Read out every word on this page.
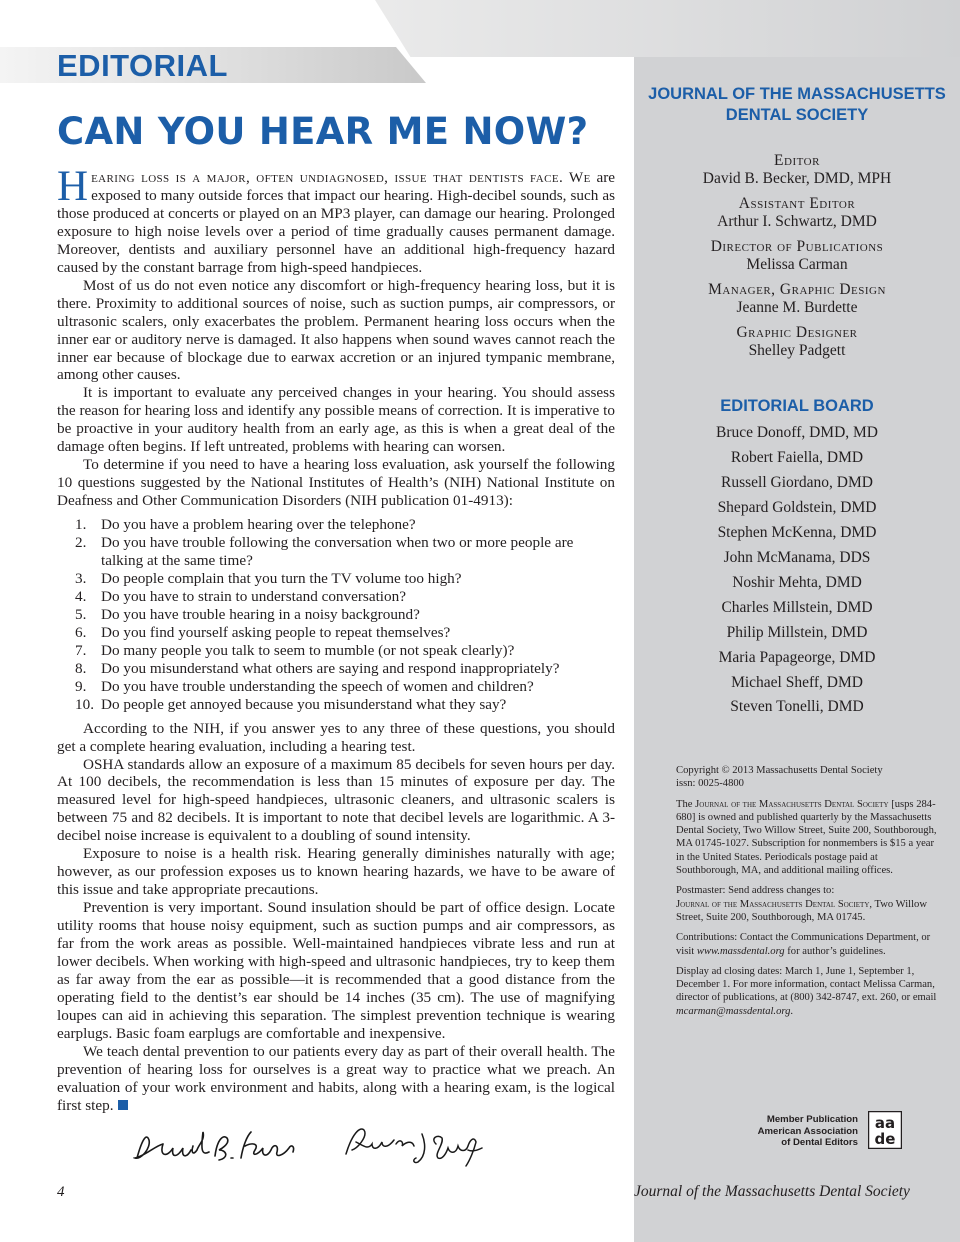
EDITORIAL
CAN YOU HEAR ME NOW?

Hearing loss is a major, often undiagnosed, issue that dentists face. We are exposed to many outside forces that impact our hearing. High-decibel sounds, such as those produced at concerts or played on an MP3 player, can damage our hearing. Prolonged exposure to high noise levels over a period of time gradually causes permanent damage. Moreover, dentists and auxiliary personnel have an additional high-frequency hazard caused by the constant barrage from high-speed handpieces.

Most of us do not even notice any discomfort or high-frequency hearing loss, but it is there. Proximity to additional sources of noise, such as suction pumps, air compressors, or ultrasonic scalers, only exacerbates the problem. Permanent hearing loss occurs when the inner ear or auditory nerve is damaged. It also happens when sound waves cannot reach the inner ear because of blockage due to earwax accretion or an injured tympanic membrane, among other causes.

It is important to evaluate any perceived changes in your hearing. You should assess the reason for hearing loss and identify any possible means of correction. It is imperative to be proactive in your auditory health from an early age, as this is when a great deal of the damage often begins. If left untreated, problems with hearing can worsen.

To determine if you need to have a hearing loss evaluation, ask yourself the following 10 questions suggested by the National Institutes of Health’s (NIH) National Institute on Deafness and Other Communication Disorders (NIH publication 01-4913):

1. Do you have a problem hearing over the telephone?
2. Do you have trouble following the conversation when two or more people are talking at the same time?
3. Do people complain that you turn the TV volume too high?
4. Do you have to strain to understand conversation?
5. Do you have trouble hearing in a noisy background?
6. Do you find yourself asking people to repeat themselves?
7. Do many people you talk to seem to mumble (or not speak clearly)?
8. Do you misunderstand what others are saying and respond inappropriately?
9. Do you have trouble understanding the speech of women and children?
10. Do people get annoyed because you misunderstand what they say?

According to the NIH, if you answer yes to any three of these questions, you should get a complete hearing evaluation, including a hearing test.

OSHA standards allow an exposure of a maximum 85 decibels for seven hours per day. At 100 decibels, the recommendation is less than 15 minutes of exposure per day. The measured level for high-speed handpieces, ultrasonic cleaners, and ultrasonic scalers is between 75 and 82 decibels. It is important to note that decibel levels are logarithmic. A 3-decibel noise increase is equivalent to a doubling of sound intensity.

Exposure to noise is a health risk. Hearing generally diminishes naturally with age; however, as our profession exposes us to known hearing hazards, we have to be aware of this issue and take appropriate precautions.

Prevention is very important. Sound insulation should be part of office design. Locate utility rooms that house noisy equipment, such as suction pumps and air compressors, as far from the work areas as possible. Well-maintained handpieces vibrate less and run at lower decibels. When working with high-speed and ultrasonic handpieces, try to keep them as far away from the ear as possible—it is recommended that a good distance from the operating field to the dentist’s ear should be 14 inches (35 cm). The use of magnifying loupes can aid in achieving this separation. The simplest prevention technique is wearing earplugs. Basic foam earplugs are comfortable and inexpensive.

We teach dental prevention to our patients every day as part of their overall health. The prevention of hearing loss for ourselves is a great way to practice what we preach. An evaluation of your work environment and habits, along with a hearing exam, is the logical first step.

4
JOURNAL OF THE MASSACHUSETTS DENTAL SOCIETY
Editor
David B. Becker, DMD, MPH
Assistant Editor
Arthur I. Schwartz, DMD
Director of Publications
Melissa Carman
Manager, Graphic Design
Jeanne M. Burdette
Graphic Designer
Shelley Padgett
EDITORIAL BOARD
Bruce Donoff, DMD, MD
Robert Faiella, DMD
Russell Giordano, DMD
Shepard Goldstein, DMD
Stephen McKenna, DMD
John McManama, DDS
Noshir Mehta, DMD
Charles Millstein, DMD
Philip Millstein, DMD
Maria Papageorge, DMD
Michael Sheff, DMD
Steven Tonelli, DMD

Copyright © 2013 Massachusetts Dental Society
issn: 0025-4800

The Journal of the Massachusetts Dental Society [usps 284-680] is owned and published quarterly by the Massachusetts Dental Society, Two Willow Street, Suite 200, Southborough, MA 01745-1027. Subscription for nonmembers is $15 a year in the United States. Periodicals postage paid at Southborough, MA, and additional mailing offices.

Postmaster: Send address changes to:
Journal of the Massachusetts Dental Society, Two Willow Street, Suite 200, Southborough, MA 01745.

Contributions: Contact the Communications Department, or visit www.massdental.org for author’s guidelines.

Display ad closing dates: March 1, June 1, September 1, December 1. For more information, contact Melissa Carman, director of publications, at (800) 342-8747, ext. 260, or email mcarman@massdental.org.

Member Publication
American Association
of Dental Editors
aa
de
Journal of the Massachusetts Dental Society
